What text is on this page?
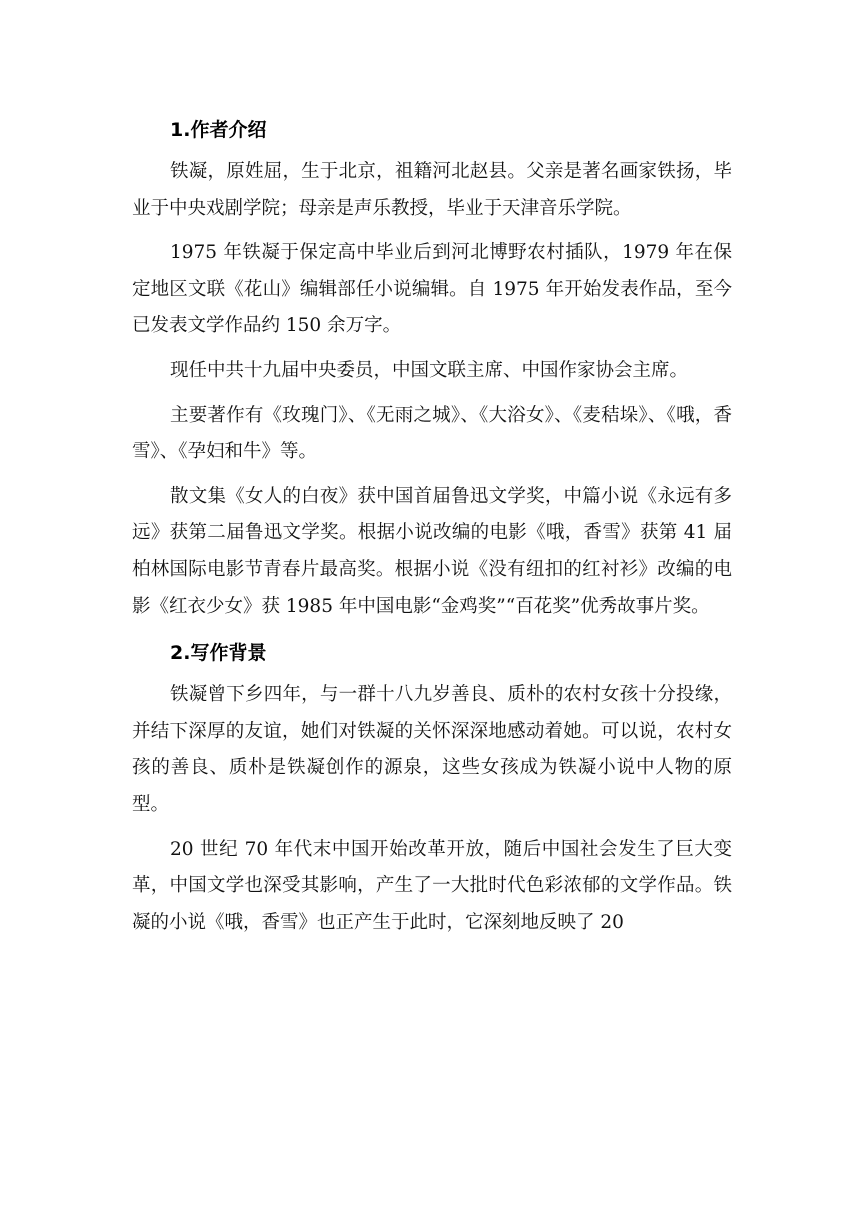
1.作者介绍

铁凝，原姓屈，生于北京，祖籍河北赵县。父亲是著名画家铁扬，毕业于中央戏剧学院；母亲是声乐教授，毕业于天津音乐学院。

1975 年铁凝于保定高中毕业后到河北博野农村插队，1979 年在保定地区文联《花山》编辑部任小说编辑。自 1975 年开始发表作品，至今已发表文学作品约 150 余万字。

现任中共十九届中央委员，中国文联主席、中国作家协会主席。

主要著作有《玫瑰门》、《无雨之城》、《大浴女》、《麦秸垛》、《哦，香雪》、《孕妇和牛》等。

散文集《女人的白夜》获中国首届鲁迅文学奖，中篇小说《永远有多远》获第二届鲁迅文学奖。根据小说改编的电影《哦，香雪》获第 41 届柏林国际电影节青春片最高奖。根据小说《没有纽扣的红衬衫》改编的电影《红衣少女》获 1985 年中国电影“金鸡奖”“百花奖”优秀故事片奖。

2.写作背景

铁凝曾下乡四年，与一群十八九岁善良、质朴的农村女孩十分投缘，并结下深厚的友谊，她们对铁凝的关怀深深地感动着她。可以说，农村女孩的善良、质朴是铁凝创作的源泉，这些女孩成为铁凝小说中人物的原型。

20 世纪 70 年代末中国开始改革开放，随后中国社会发生了巨大变革，中国文学也深受其影响，产生了一大批时代色彩浓郁的文学作品。铁凝的小说《哦，香雪》也正产生于此时，它深刻地反映了 20
